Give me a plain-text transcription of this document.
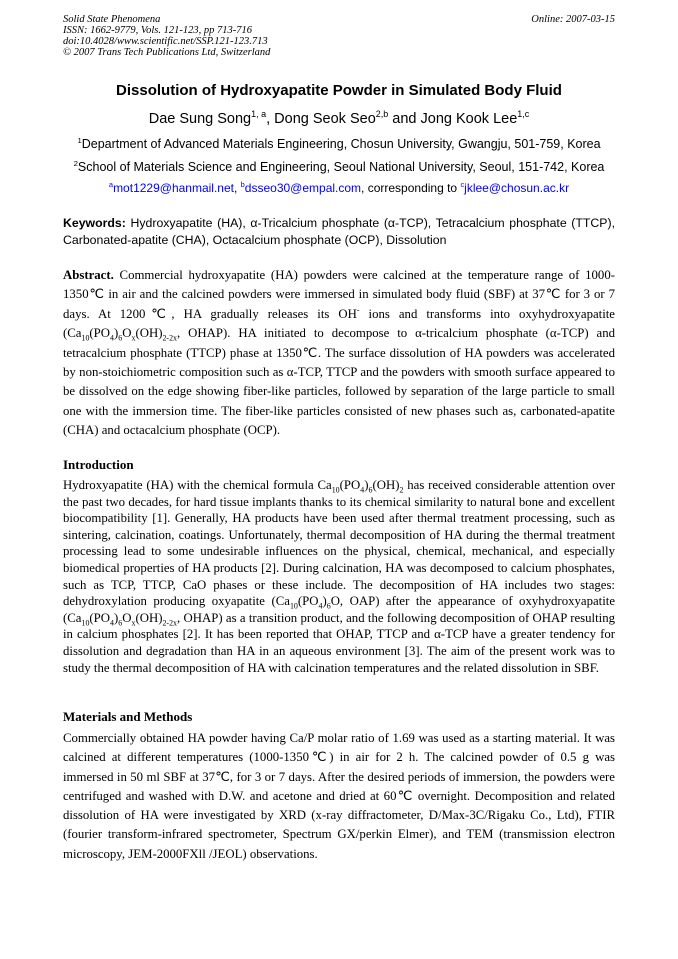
Solid State Phenomena
ISSN: 1662-9779, Vols. 121-123, pp 713-716
doi:10.4028/www.scientific.net/SSP.121-123.713
© 2007 Trans Tech Publications Ltd, Switzerland
Online: 2007-03-15
Dissolution of Hydroxyapatite Powder in Simulated Body Fluid
Dae Sung Song$^{1, a}$, Dong Seok Seo$^{2,b}$ and Jong Kook Lee$^{1,c}$
$^1$Department of Advanced Materials Engineering, Chosun University, Gwangju, 501-759, Korea
$^2$School of Materials Science and Engineering, Seoul National University, Seoul, 151-742, Korea
$^a$mot1229@hanmail.net, $^b$dsseo30@empal.com, corresponding to $^c$jklee@chosun.ac.kr
Keywords: Hydroxyapatite (HA), α-Tricalcium phosphate (α-TCP), Tetracalcium phosphate (TTCP), Carbonated-apatite (CHA), Octacalcium phosphate (OCP), Dissolution
Abstract. Commercial hydroxyapatite (HA) powders were calcined at the temperature range of 1000-1350℃ in air and the calcined powders were immersed in simulated body fluid (SBF) at 37℃ for 3 or 7 days. At 1200℃, HA gradually releases its OH- ions and transforms into oxyhydroxyapatite ($Ca_{10}(PO_4)_6O_x(OH)_{2-2x}$, OHAP). HA initiated to decompose to α-tricalcium phosphate (α-TCP) and tetracalcium phosphate (TTCP) phase at 1350℃. The surface dissolution of HA powders was accelerated by non-stoichiometric composition such as α-TCP, TTCP and the powders with smooth surface appeared to be dissolved on the edge showing fiber-like particles, followed by separation of the large particle to small one with the immersion time. The fiber-like particles consisted of new phases such as, carbonated-apatite (CHA) and octacalcium phosphate (OCP).
Introduction
Hydroxyapatite (HA) with the chemical formula $Ca_{10}(PO_4)_6(OH)_2$ has received considerable attention over the past two decades, for hard tissue implants thanks to its chemical similarity to natural bone and excellent biocompatibility [1]. Generally, HA products have been used after thermal treatment processing, such as sintering, calcination, coatings. Unfortunately, thermal decomposition of HA during the thermal treatment processing lead to some undesirable influences on the physical, chemical, mechanical, and especially biomedical properties of HA products [2]. During calcination, HA was decomposed to calcium phosphates, such as TCP, TTCP, CaO phases or these include. The decomposition of HA includes two stages: dehydroxylation producing oxyapatite ($Ca_{10}(PO_4)_6O$, OAP) after the appearance of oxyhydroxyapatite ($Ca_{10}(PO_4)_6O_x(OH)_{2-2x}$, OHAP) as a transition product, and the following decomposition of OHAP resulting in calcium phosphates [2]. It has been reported that OHAP, TTCP and α-TCP have a greater tendency for dissolution and degradation than HA in an aqueous environment [3]. The aim of the present work was to study the thermal decomposition of HA with calcination temperatures and the related dissolution in SBF.
Materials and Methods
Commercially obtained HA powder having Ca/P molar ratio of 1.69 was used as a starting material. It was calcined at different temperatures (1000-1350℃) in air for 2 h. The calcined powder of 0.5 g was immersed in 50 ml SBF at 37℃, for 3 or 7 days. After the desired periods of immersion, the powders were centrifuged and washed with D.W. and acetone and dried at 60℃ overnight. Decomposition and related dissolution of HA were investigated by XRD (x-ray diffractometer, D/Max-3C/Rigaku Co., Ltd), FTIR (fourier transform-infrared spectrometer, Spectrum GX/perkin Elmer), and TEM (transmission electron microscopy, JEM-2000FXll /JEOL) observations.
